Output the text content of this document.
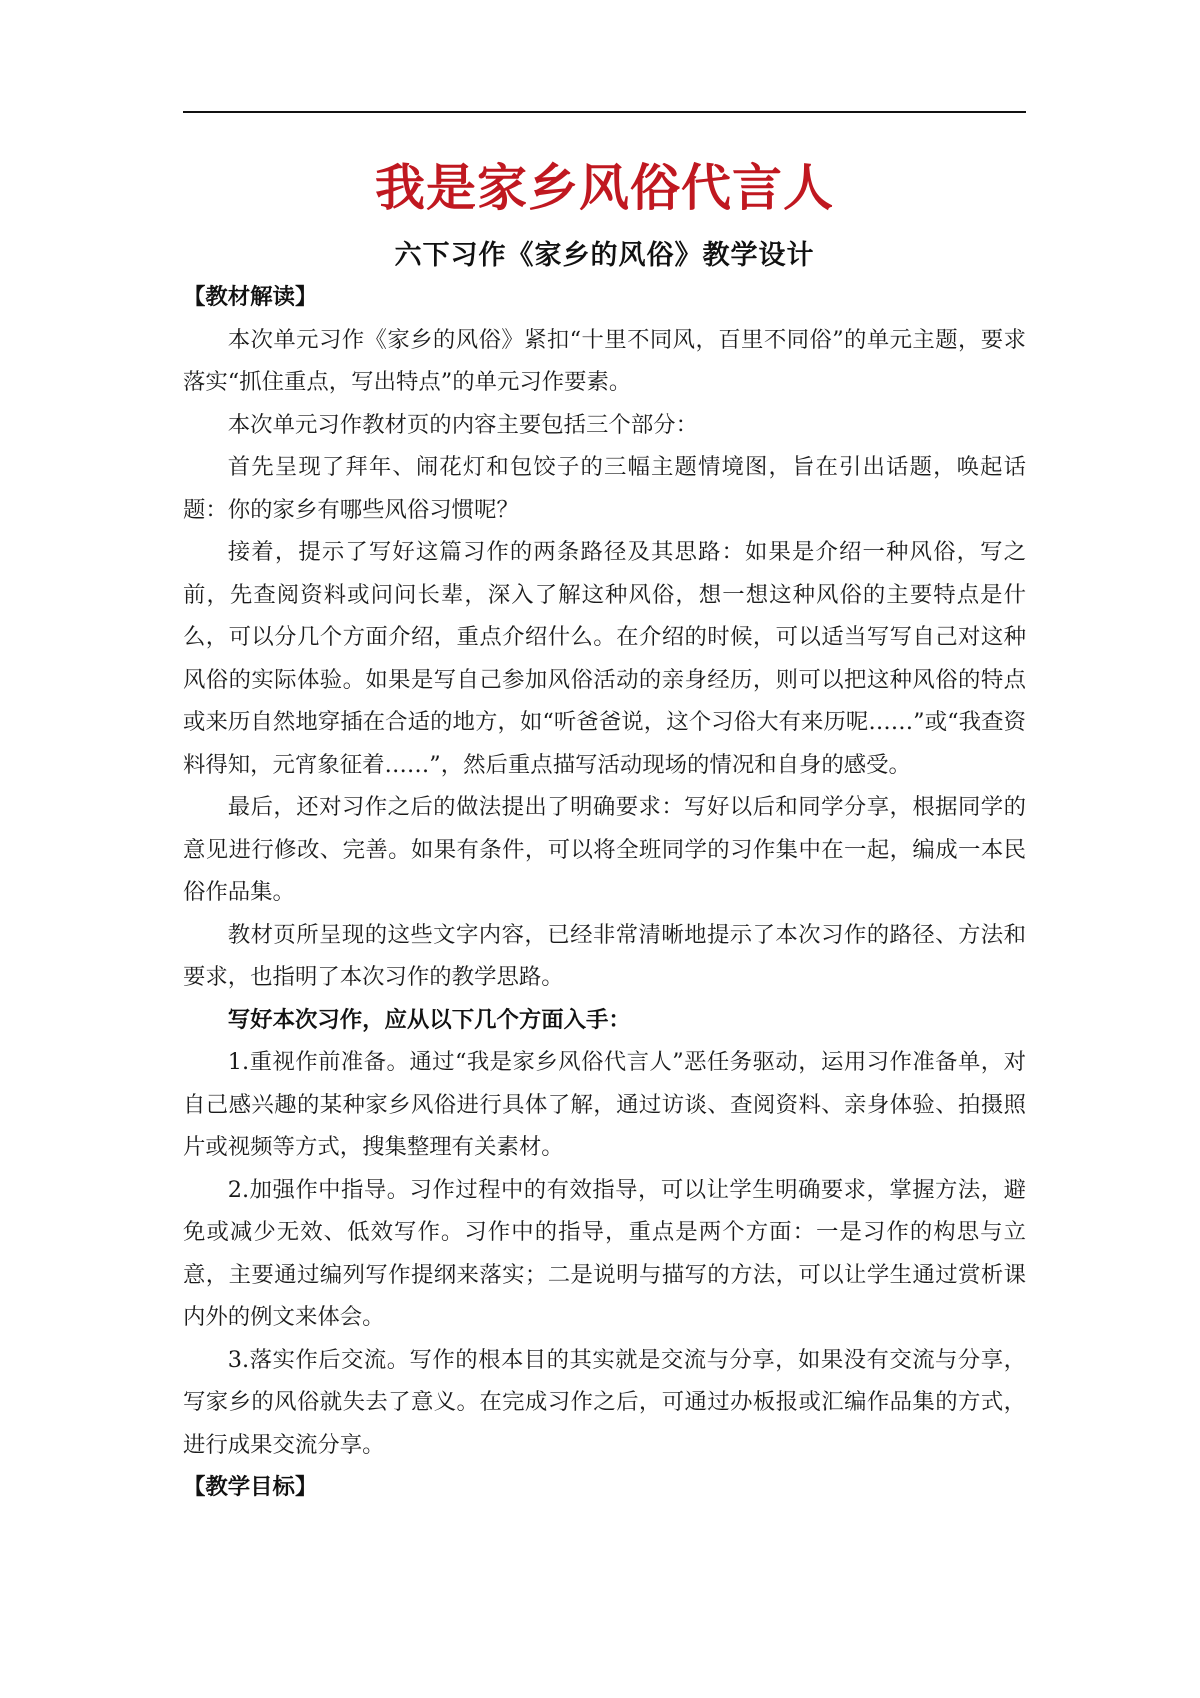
我是家乡风俗代言人
六下习作《家乡的风俗》教学设计

【教材解读】

本次单元习作《家乡的风俗》紧扣“十里不同风，百里不同俗”的单元主题，要求落实“抓住重点，写出特点”的单元习作要素。

本次单元习作教材页的内容主要包括三个部分：

首先呈现了拜年、闹花灯和包饺子的三幅主题情境图，旨在引出话题，唤起话题：你的家乡有哪些风俗习惯呢？

接着，提示了写好这篇习作的两条路径及其思路：如果是介绍一种风俗，写之前，先查阅资料或问问长辈，深入了解这种风俗，想一想这种风俗的主要特点是什么，可以分几个方面介绍，重点介绍什么。在介绍的时候，可以适当写写自己对这种风俗的实际体验。如果是写自己参加风俗活动的亲身经历，则可以把这种风俗的特点或来历自然地穿插在合适的地方，如“听爸爸说，这个习俗大有来历呢……”或“我查资料得知，元宵象征着……”，然后重点描写活动现场的情况和自身的感受。

最后，还对习作之后的做法提出了明确要求：写好以后和同学分享，根据同学的意见进行修改、完善。如果有条件，可以将全班同学的习作集中在一起，编成一本民俗作品集。

教材页所呈现的这些文字内容，已经非常清晰地提示了本次习作的路径、方法和要求，也指明了本次习作的教学思路。

写好本次习作，应从以下几个方面入手：

1.重视作前准备。通过“我是家乡风俗代言人”恶任务驱动，运用习作准备单，对自己感兴趣的某种家乡风俗进行具体了解，通过访谈、查阅资料、亲身体验、拍摄照片或视频等方式，搜集整理有关素材。

2.加强作中指导。习作过程中的有效指导，可以让学生明确要求，掌握方法，避免或减少无效、低效写作。习作中的指导，重点是两个方面：一是习作的构思与立意，主要通过编列写作提纲来落实；二是说明与描写的方法，可以让学生通过赏析课内外的例文来体会。

3.落实作后交流。写作的根本目的其实就是交流与分享，如果没有交流与分享，写家乡的风俗就失去了意义。在完成习作之后，可通过办板报或汇编作品集的方式，进行成果交流分享。

【教学目标】
